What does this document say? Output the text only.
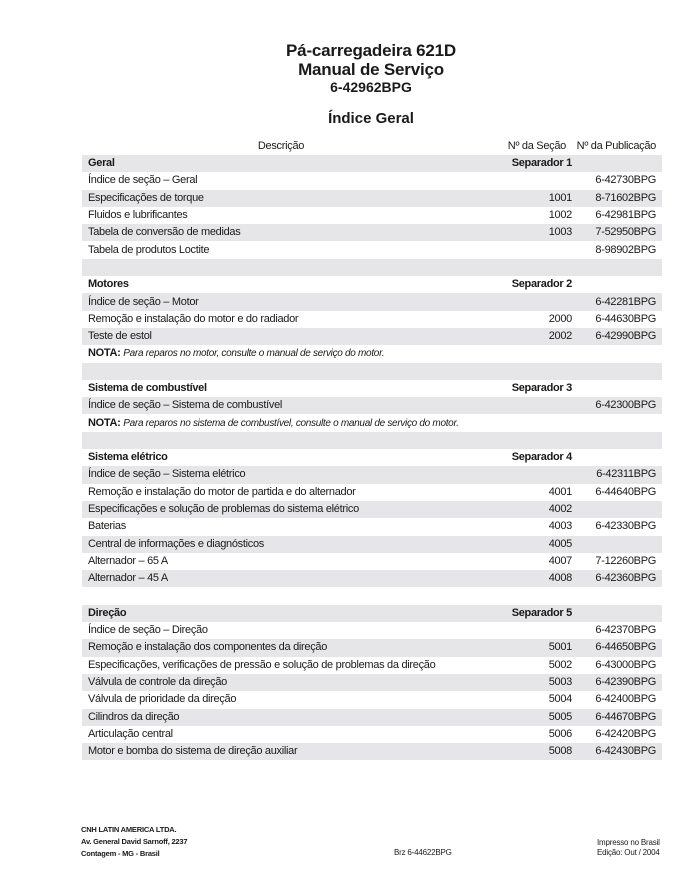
Pá-carregadeira 621D
Manual de Serviço
6-42962BPG
Índice Geral
Descrição	Nº da Seção Nº da Publicação
Geral	Separador 1
Índice de seção – Geral	6-42730BPG
Especificações de torque	1001	8-71602BPG
Fluidos e lubrificantes	1002	6-42981BPG
Tabela de conversão de medidas	1003	7-52950BPG
Tabela de produtos Loctite	8-98902BPG
Motores	Separador 2
Índice de seção – Motor	6-42281BPG
Remoção e instalação do motor e do radiador	2000	6-44630BPG
Teste de estol	2002	6-42990BPG
NOTA: Para reparos no motor, consulte o manual de serviço do motor.
Sistema de combustível	Separador 3
Índice de seção – Sistema de combustível	6-42300BPG
NOTA: Para reparos no sistema de combustível, consulte o manual de serviço do motor.
Sistema elétrico	Separador 4
Índice de seção – Sistema elétrico	6-42311BPG
Remoção e instalação do motor de partida e do alternador	4001	6-44640BPG
Especificações e solução de problemas do sistema elétrico	4002
Baterias	4003	6-42330BPG
Central de informações e diagnósticos	4005
Alternador – 65 A	4007	7-12260BPG
Alternador – 45 A	4008	6-42360BPG
Direção	Separador 5
Índice de seção – Direção	6-42370BPG
Remoção e instalação dos componentes da direção	5001	6-44650BPG
Especificações, verificações de pressão e solução de problemas da direção	5002	6-43000BPG
Válvula de controle da direção	5003	6-42390BPG
Válvula de prioridade da direção	5004	6-42400BPG
Cilindros da direção	5005	6-44670BPG
Articulação central	5006	6-42420BPG
Motor e bomba do sistema de direção auxiliar	5008	6-42430BPG
CNH LATIN AMERICA LTDA.
Av. General David Sarnoff, 2237
Contagem - MG - Brasil	Brz 6-44622BPG
Impresso no Brasil
Edição: Out / 2004
